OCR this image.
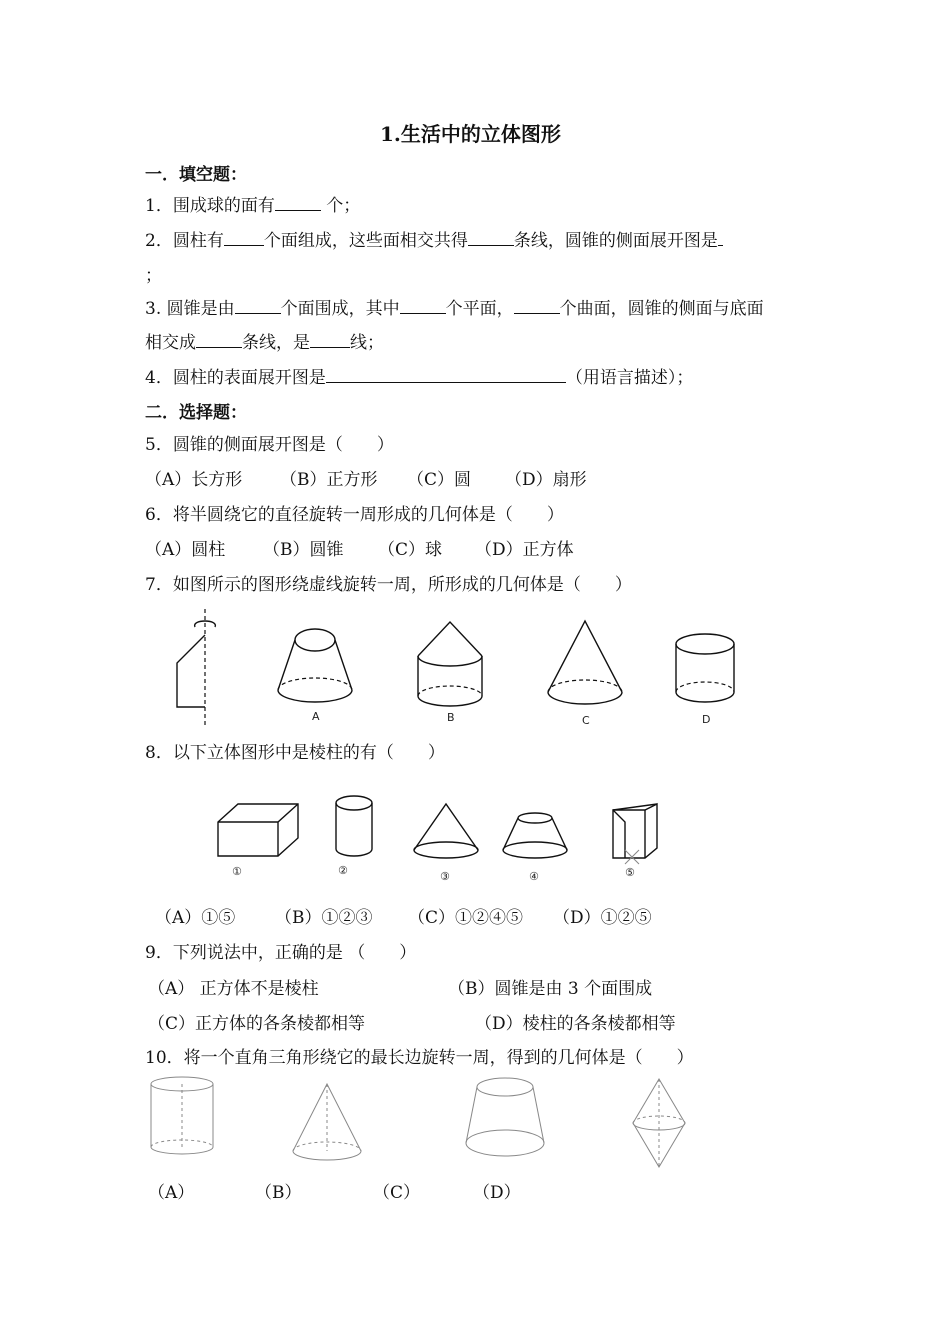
1.生活中的立体图形
一．填空题：
1．围成球的面有	个；
2．圆柱有 个面组成，这些面相交共得	条线，圆锥的侧面展开图是
；
3. 圆锥是由	个面围成，其中	个平面，	个曲面，圆锥的侧面与底面
相交成	条线，是 线；
4．圆柱的表面展开图是	（用语言描述）；
二．选择题：
5．圆锥的侧面展开图是（　　）
（A）长方形 （B）正方形 （C）圆 （D）扇形
6．将半圆绕它的直径旋转一周形成的几何体是（　　）
（A）圆柱 （B）圆锥 （C）球 （D）正方体
7．如图所示的图形绕虚线旋转一周，所形成的几何体是（　　）
A	B	C	D
8．以下立体图形中是棱柱的有（　　）
①	②	③	④	⑤
（A）①⑤ （B）①②③ （C）①②④⑤ （D）①②⑤
9．下列说法中，正确的是 （　　）
（A） 正方体不是棱柱	（B）圆锥是由 3 个面围成
（C）正方体的各条棱都相等	（D）棱柱的各条棱都相等
10．将一个直角三角形绕它的最长边旋转一周，得到的几何体是（　　）
（A）	（B）	（C）	（D）
